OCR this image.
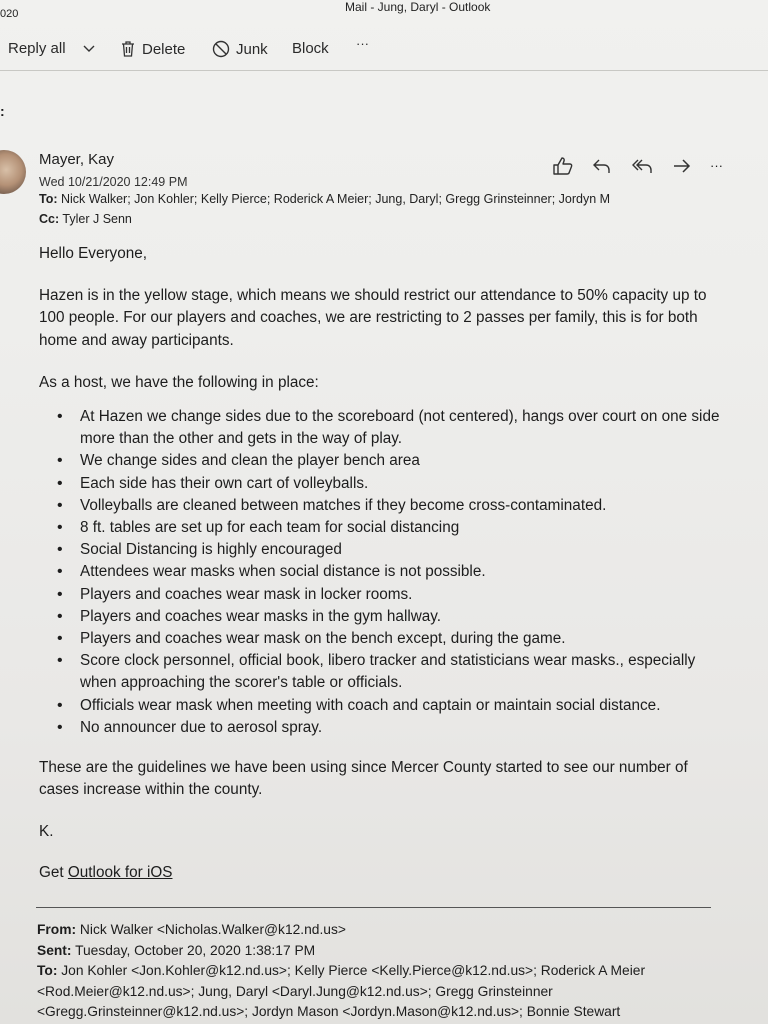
020	Mail - Jung, Daryl - Outlook
Reply all	Delete	Junk Block ···
:
Mayer, Kay
Wed 10/21/2020 12:49 PM
To: Nick Walker; Jon Kohler; Kelly Pierce; Roderick A Meier; Jung, Daryl; Gregg Grinsteinner; Jordyn M
Cc: Tyler J Senn
···

Hello Everyone,

Hazen is in the yellow stage, which means we should restrict our attendance to 50% capacity up to 100 people. For our players and coaches, we are restricting to 2 passes per family, this is for both home and away participants.

As a host, we have the following in place:

• At Hazen we change sides due to the scoreboard (not centered), hangs over court on one side more than the other and gets in the way of play.
• We change sides and clean the player bench area
• Each side has their own cart of volleyballs.
• Volleyballs are cleaned between matches if they become cross-contaminated.
• 8 ft. tables are set up for each team for social distancing
• Social Distancing is highly encouraged
• Attendees wear masks when social distance is not possible.
• Players and coaches wear mask in locker rooms.
• Players and coaches wear masks in the gym hallway.
• Players and coaches wear mask on the bench except, during the game.
• Score clock personnel, official book, libero tracker and statisticians wear masks., especially when approaching the scorer's table or officials.
• Officials wear mask when meeting with coach and captain or maintain social distance.
• No announcer due to aerosol spray.

These are the guidelines we have been using since Mercer County started to see our number of cases increase within the county.

K.

Get Outlook for iOS

From: Nick Walker <Nicholas.Walker@k12.nd.us>
Sent: Tuesday, October 20, 2020 1:38:17 PM
To: Jon Kohler <Jon.Kohler@k12.nd.us>; Kelly Pierce <Kelly.Pierce@k12.nd.us>; Roderick A Meier
<Rod.Meier@k12.nd.us>; Jung, Daryl <Daryl.Jung@k12.nd.us>; Gregg Grinsteinner
<Gregg.Grinsteinner@k12.nd.us>; Jordyn Mason <Jordyn.Mason@k12.nd.us>; Bonnie Stewart
